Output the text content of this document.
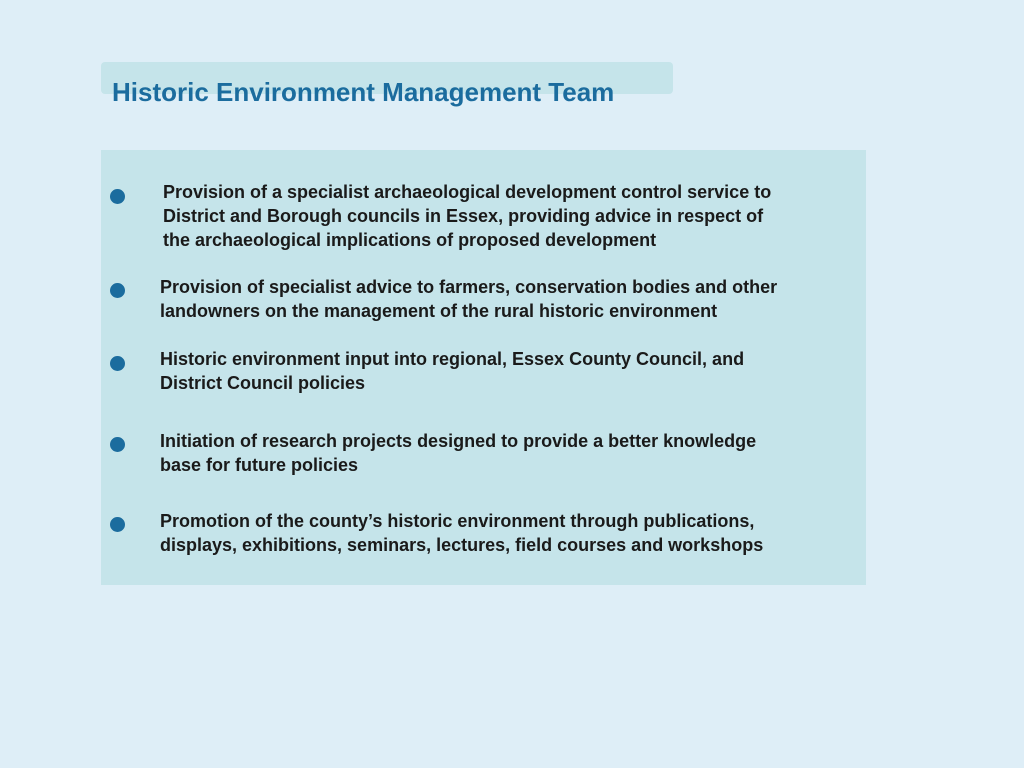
Historic Environment Management Team
Provision of a specialist archaeological development control service to
District and Borough councils in Essex, providing advice in respect of
the archaeological implications of proposed development
Provision of specialist advice to farmers, conservation bodies and other
landowners on the management of the rural historic environment
Historic environment input into regional, Essex County Council, and
District Council policies
Initiation of research projects designed to provide a better knowledge
base for future policies
Promotion of the county’s historic environment through publications,
displays, exhibitions, seminars, lectures, field courses and workshops
